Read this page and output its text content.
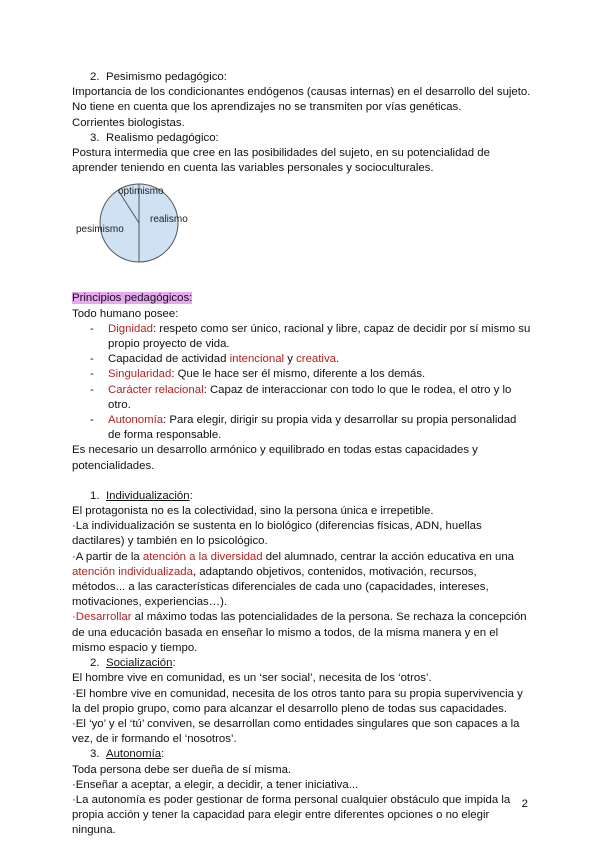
2. Pesimismo pedagógico:

Importancia de los condicionantes endógenos (causas internas) en el desarrollo del sujeto.

No tiene en cuenta que los aprendizajes no se transmiten por vías genéticas.

Corrientes biologistas.

3. Realismo pedagógico:

Postura intermedia que cree en las posibilidades del sujeto, en su potencialidad de aprender teniendo en cuenta las variables personales y socioculturales.

optimismo
realismo
pesimismo

Principios pedagógicos:

Todo humano posee:

- Dignidad: respeto como ser único, racional y libre, capaz de decidir por sí mismo su propio proyecto de vida.
- Capacidad de actividad intencional y creativa.
- Singularidad: Que le hace ser él mismo, diferente a los demás.
- Carácter relacional: Capaz de interaccionar con todo lo que le rodea, el otro y lo otro.
- Autonomía: Para elegir, dirigir su propia vida y desarrollar su propia personalidad de forma responsable.

Es necesario un desarrollo armónico y equilibrado en todas estas capacidades y potencialidades.

1. Individualización:

El protagonista no es la colectividad, sino la persona única e irrepetible.

·La individualización se sustenta en lo biológico (diferencias físicas, ADN, huellas dactilares) y también en lo psicológico.

·A partir de la atención a la diversidad del alumnado, centrar la acción educativa en una atención individualizada, adaptando objetivos, contenidos, motivación, recursos, métodos... a las características diferenciales de cada uno (capacidades, intereses, motivaciones, experiencias…).

·Desarrollar al máximo todas las potencialidades de la persona. Se rechaza la concepción de una educación basada en enseñar lo mismo a todos, de la misma manera y en el mismo espacio y tiempo.

2. Socialización:

El hombre vive en comunidad, es un ‘ser social’, necesita de los ‘otros’.

·El hombre vive en comunidad, necesita de los otros tanto para su propia supervivencia y la del propio grupo, como para alcanzar el desarrollo pleno de todas sus capacidades.

·El ‘yo’ y el ‘tú’ conviven, se desarrollan como entidades singulares que son capaces a la vez, de ir formando el ‘nosotros’.

3. Autonomía:

Toda persona debe ser dueña de sí misma.

·Enseñar a aceptar, a elegir, a decidir, a tener iniciativa...

·La autonomía es poder gestionar de forma personal cualquier obstáculo que impida la propia acción y tener la capacidad para elegir entre diferentes opciones o no elegir ninguna.

2
